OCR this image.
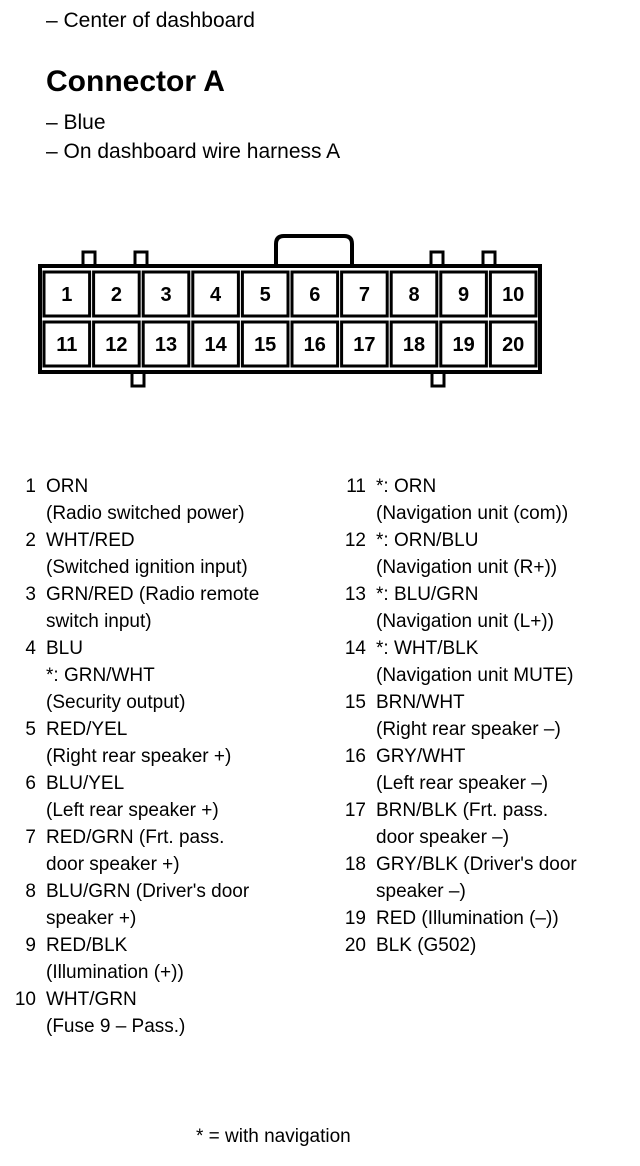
– Center of dashboard
Connector A
– Blue
– On dashboard wire harness A
1 2 3 4 5 6 7 8 9 10
11 12 13 14 15 16 17 18 19 20
1 ORN
(Radio switched power)
2 WHT/RED
(Switched ignition input)
3 GRN/RED (Radio remote
switch input)
4 BLU
*: GRN/WHT
(Security output)
5 RED/YEL
(Right rear speaker +)
6 BLU/YEL
(Left rear speaker +)
7 RED/GRN (Frt. pass.
door speaker +)
8 BLU/GRN (Driver's door
speaker +)
9 RED/BLK
(Illumination (+))
10 WHT/GRN
(Fuse 9 – Pass.)
11 *: ORN
(Navigation unit (com))
12 *: ORN/BLU
(Navigation unit (R+))
13 *: BLU/GRN
(Navigation unit (L+))
14 *: WHT/BLK
(Navigation unit MUTE)
15 BRN/WHT
(Right rear speaker –)
16 GRY/WHT
(Left rear speaker –)
17 BRN/BLK (Frt. pass.
door speaker –)
18 GRY/BLK (Driver's door
speaker –)
19 RED (Illumination (–))
20 BLK (G502)
* = with navigation
